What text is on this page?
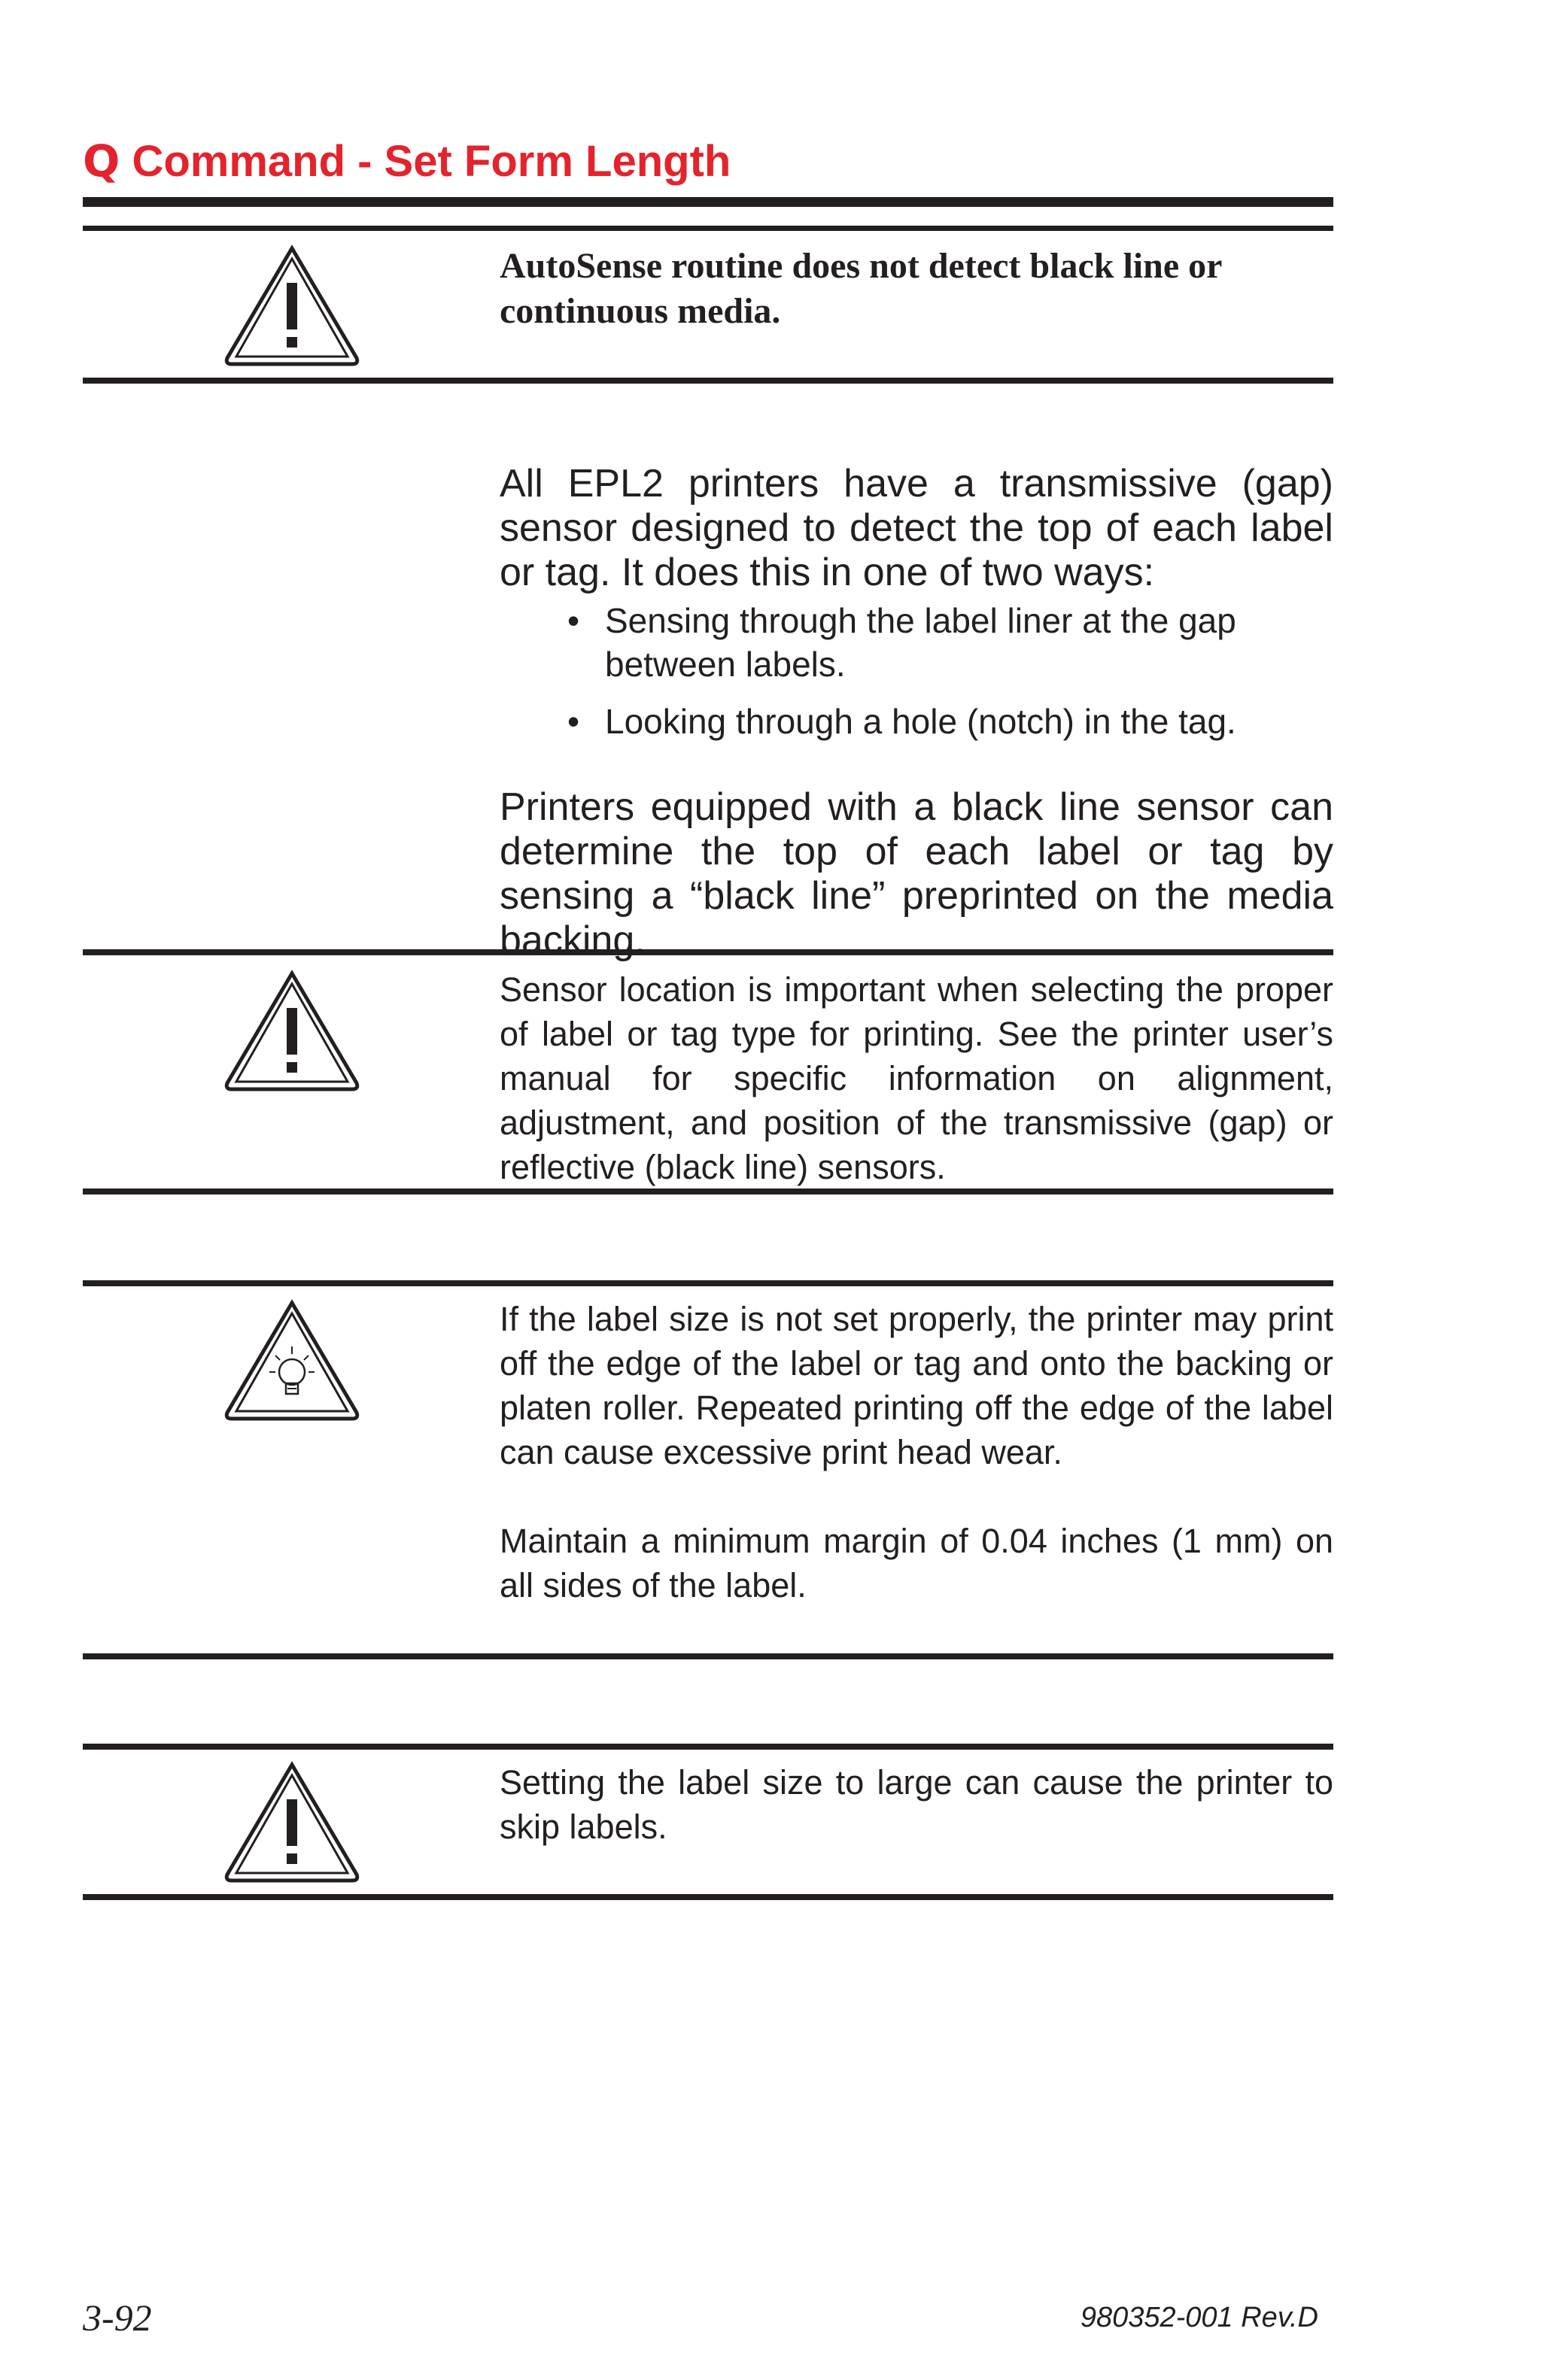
Q Command - Set Form Length
AutoSense routine does not detect black line or continuous media.
All EPL2 printers have a transmissive (gap) sensor designed to detect the top of each label or tag. It does this in one of two ways:
• Sensing through the label liner at the gap between labels.
• Looking through a hole (notch) in the tag.
Printers equipped with a black line sensor can determine the top of each label or tag by sensing a “black line” preprinted on the media backing.
Sensor location is important when selecting the proper of label or tag type for printing. See the printer user’s manual for specific information on alignment, adjustment, and position of the transmissive (gap) or reflective (black line) sensors.
If the label size is not set properly, the printer may print off the edge of the label or tag and onto the backing or platen roller. Repeated printing off the edge of the label can cause excessive print head wear.
Maintain a minimum margin of 0.04 inches (1 mm) on all sides of the label.
Setting the label size to large can cause the printer to skip labels.
3-92	980352-001 Rev.D
